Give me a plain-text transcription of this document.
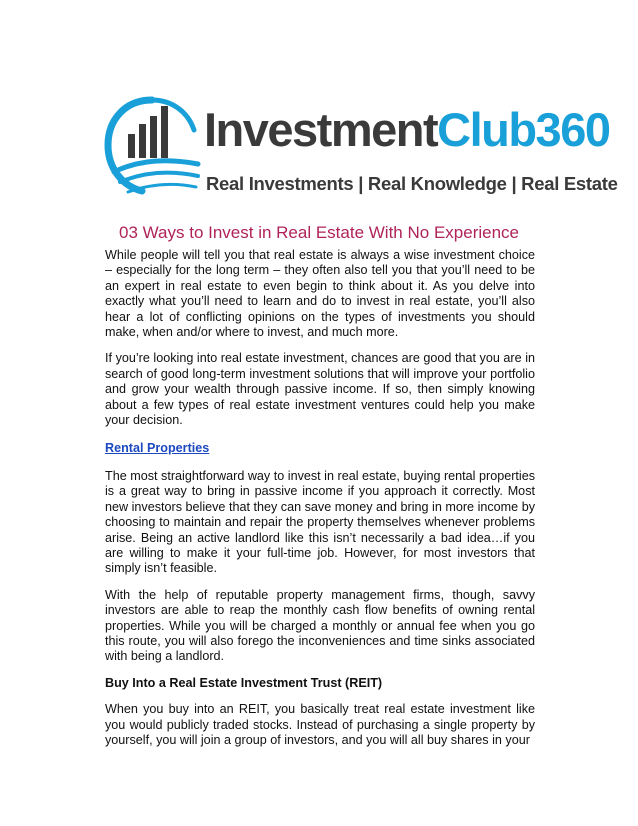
InvestmentClub360
Real Investments | Real Knowledge | Real Estate
03 Ways to Invest in Real Estate With No Experience

While people will tell you that real estate is always a wise investment choice – especially for the long term – they often also tell you that you’ll need to be an expert in real estate to even begin to think about it. As you delve into exactly what you’ll need to learn and do to invest in real estate, you’ll also hear a lot of conflicting opinions on the types of investments you should make, when and/or where to invest, and much more.

If you’re looking into real estate investment, chances are good that you are in search of good long-term investment solutions that will improve your portfolio and grow your wealth through passive income. If so, then simply knowing about a few types of real estate investment ventures could help you make your decision.

Rental Properties

The most straightforward way to invest in real estate, buying rental properties is a great way to bring in passive income if you approach it correctly. Most new investors believe that they can save money and bring in more income by choosing to maintain and repair the property themselves whenever problems arise. Being an active landlord like this isn’t necessarily a bad idea…if you are willing to make it your full-time job. However, for most investors that simply isn’t feasible.

With the help of reputable property management firms, though, savvy investors are able to reap the monthly cash flow benefits of owning rental properties. While you will be charged a monthly or annual fee when you go this route, you will also forego the inconveniences and time sinks associated with being a landlord.

Buy Into a Real Estate Investment Trust (REIT)

When you buy into an REIT, you basically treat real estate investment like you would publicly traded stocks. Instead of purchasing a single property by yourself, you will join a group of investors, and you will all buy shares in your
